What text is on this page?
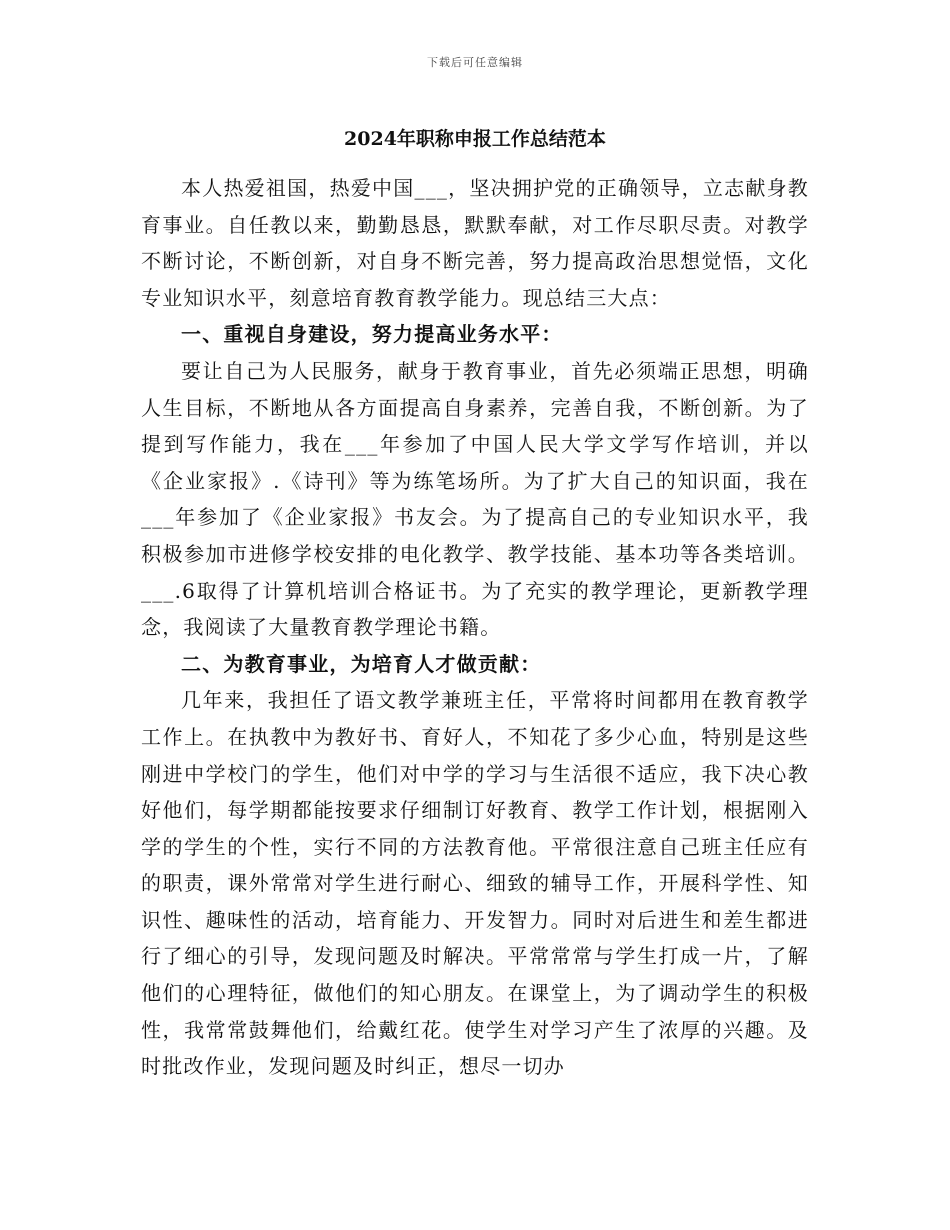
下载后可任意编辑
2024年职称申报工作总结范本

本人热爱祖国，热爱中国___，坚决拥护党的正确领导，立志献身教育事业。自任教以来，勤勤恳恳，默默奉献，对工作尽职尽责。对教学不断讨论，不断创新，对自身不断完善，努力提高政治思想觉悟，文化专业知识水平，刻意培育教育教学能力。现总结三大点：

一、重视自身建设，努力提高业务水平：

要让自己为人民服务，献身于教育事业，首先必须端正思想，明确人生目标，不断地从各方面提高自身素养，完善自我，不断创新。为了提到写作能力，我在___年参加了中国人民大学文学写作培训，并以《企业家报》.《诗刊》等为练笔场所。为了扩大自己的知识面，我在___年参加了《企业家报》书友会。为了提高自己的专业知识水平，我积极参加市进修学校安排的电化教学、教学技能、基本功等各类培训。___.6取得了计算机培训合格证书。为了充实的教学理论，更新教学理念，我阅读了大量教育教学理论书籍。

二、为教育事业，为培育人才做贡献：

几年来，我担任了语文教学兼班主任，平常将时间都用在教育教学工作上。在执教中为教好书、育好人，不知花了多少心血，特别是这些刚进中学校门的学生，他们对中学的学习与生活很不适应，我下决心教好他们，每学期都能按要求仔细制订好教育、教学工作计划，根据刚入学的学生的个性，实行不同的方法教育他。平常很注意自己班主任应有的职责，课外常常对学生进行耐心、细致的辅导工作，开展科学性、知识性、趣味性的活动，培育能力、开发智力。同时对后进生和差生都进行了细心的引导，发现问题及时解决。平常常常与学生打成一片，了解他们的心理特征，做他们的知心朋友。在课堂上，为了调动学生的积极性，我常常鼓舞他们，给戴红花。使学生对学习产生了浓厚的兴趣。及时批改作业，发现问题及时纠正，想尽一切办
